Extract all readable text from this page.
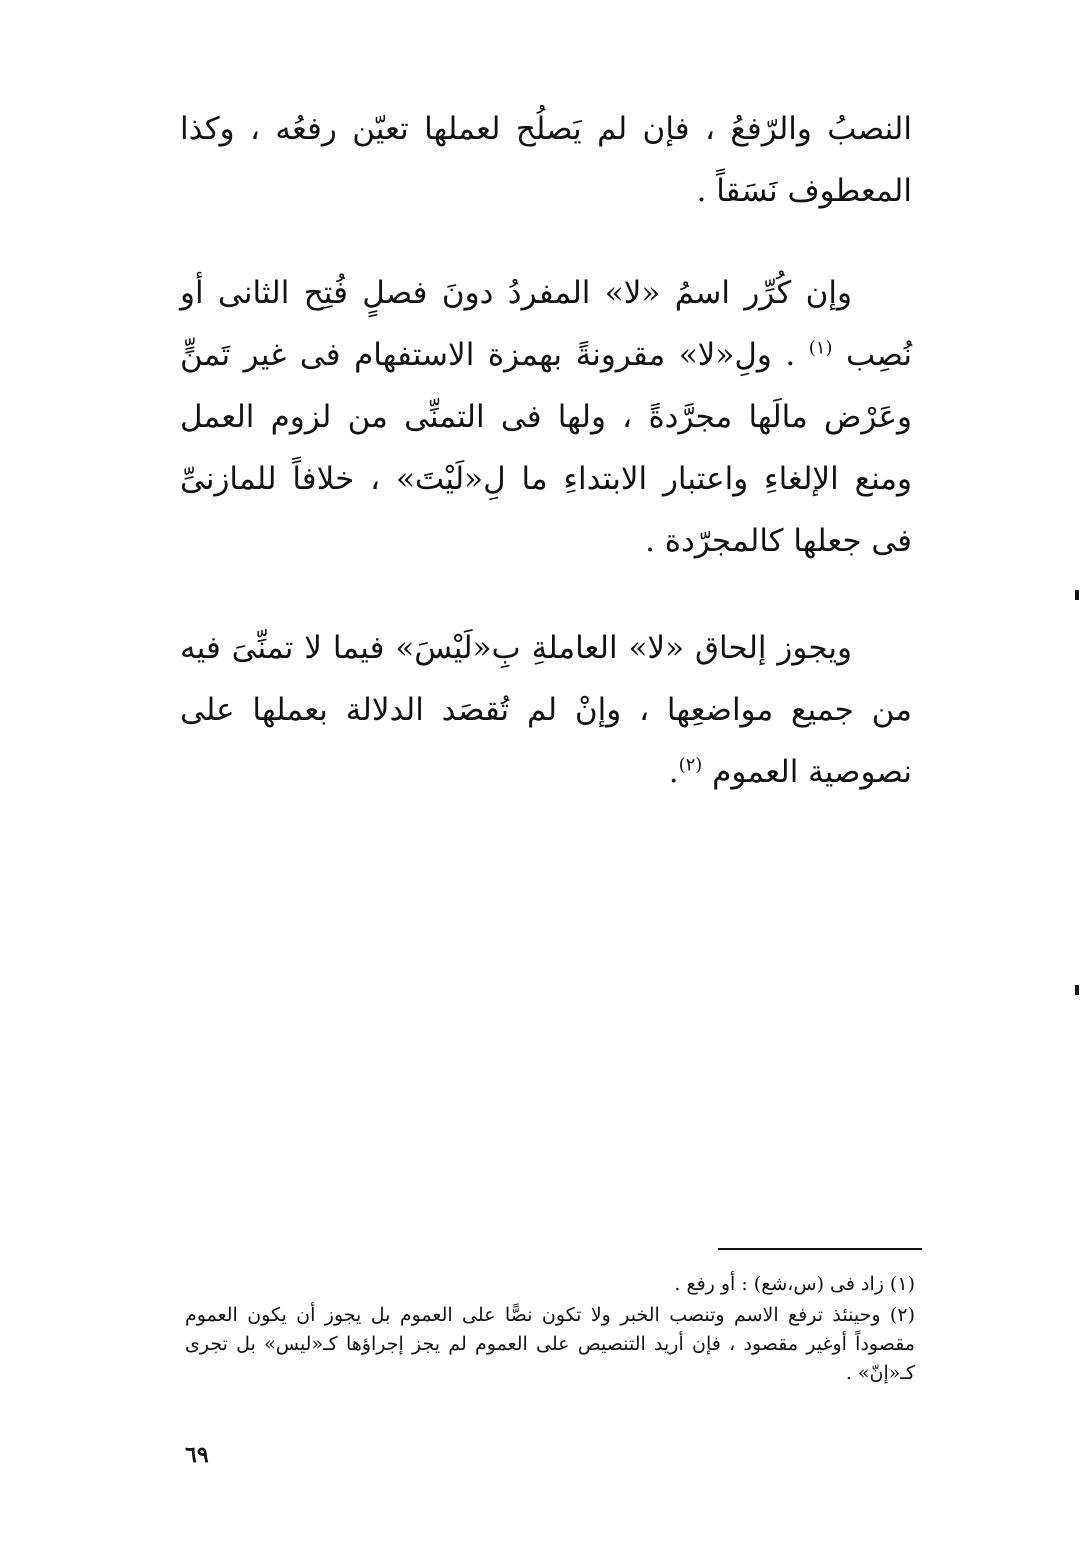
النصبُ والرّفعُ ، فإن لم يَصلُح لعملها تعيّن رفعُه ، وكذا المعطوف نَسَقاً .

وإن كُرِّر اسمُ «لا» المفردُ دونَ فصلٍ فُتِح الثانى أو نُصِب $^{(١)}$ . ولِ«لا» مقرونةً بهمزة الاستفهام فى غير تَمنٍّ وعَرْض مالَها مجرَّدةً ، ولها فى التمنِّى من لزوم العمل ومنع الإلغاءِ واعتبار الابتداءِ ما لِ«لَيْتَ» ، خلافاً للمازنىِّ فى جعلها كالمجرّدة .

ويجوز إلحاق «لا» العاملةِ بِ«لَيْسَ» فيما لا تمنِّىَ فيه من جميع مواضعِها ، وإنْ لم تُقصَد الدلالة بعملها على نصوصية العموم $^{(٢)}$.

(١) زاد فى (س،شع) : أو رفع .

(٢) وحينئذ ترفع الاسم وتنصب الخبر ولا تكون نصًّا على العموم بل يجوز أن يكون العموم مقصوداً أوغير مقصود ، فإن أريد التنصيص على العموم لم يجز إجراؤها كـ«ليس» بل تجرى كـ«إنّ» .

٦٩
